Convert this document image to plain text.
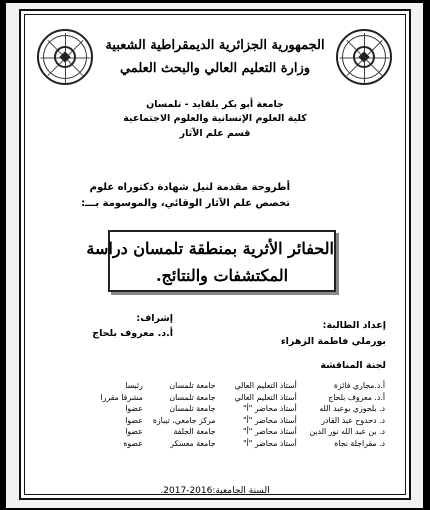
الجمهورية الجزائرية الديمقراطية الشعبية
وزارة التعليم العالي والبحث العلمي
جامعة أبو بكر بلقايد - تلمسان
كلية العلوم الإنسانية والعلوم الاجتماعية
قسم علم الآثار
أطروحة مقدمة لنيل شهادة دكتوراه علوم
تخصص علم الآثار الوقائي، والموسومة بـــ:
الحفائر الأثرية بمنطقة تلمسان دراسة
المكتشفات والنتائج.
إشراف:
أ.د. معروف بلحاج
إعداد الطالبة:
بورملي فاطمة الزهراء
لجنة المناقشة
أ.د.مجاري فائزة	أستاذ التعليم العالي	جامعة تلمسان	رئيسا
أ.د. معروف بلحاج	أستاذ التعليم العالي	جامعة تلمسان	مشرفا مقررا
د. بلجوزي بوعبد الله	أستاذ محاضر "أ"	جامعة تلمسان	عضوا
د. دحدوح عبد القادر	أستاذ محاضر "أ"	مركز جامعي، تيبازة	عضوا
د. بن عبد الله نور الدين	أستاذ محاضر "أ"	جامعة الجلفة	عضوا
د. مقراجلة نجاة	أستاذ محاضر "أ"	جامعة معسكر	عضوة
السنة الجامعية:2016-2017.
